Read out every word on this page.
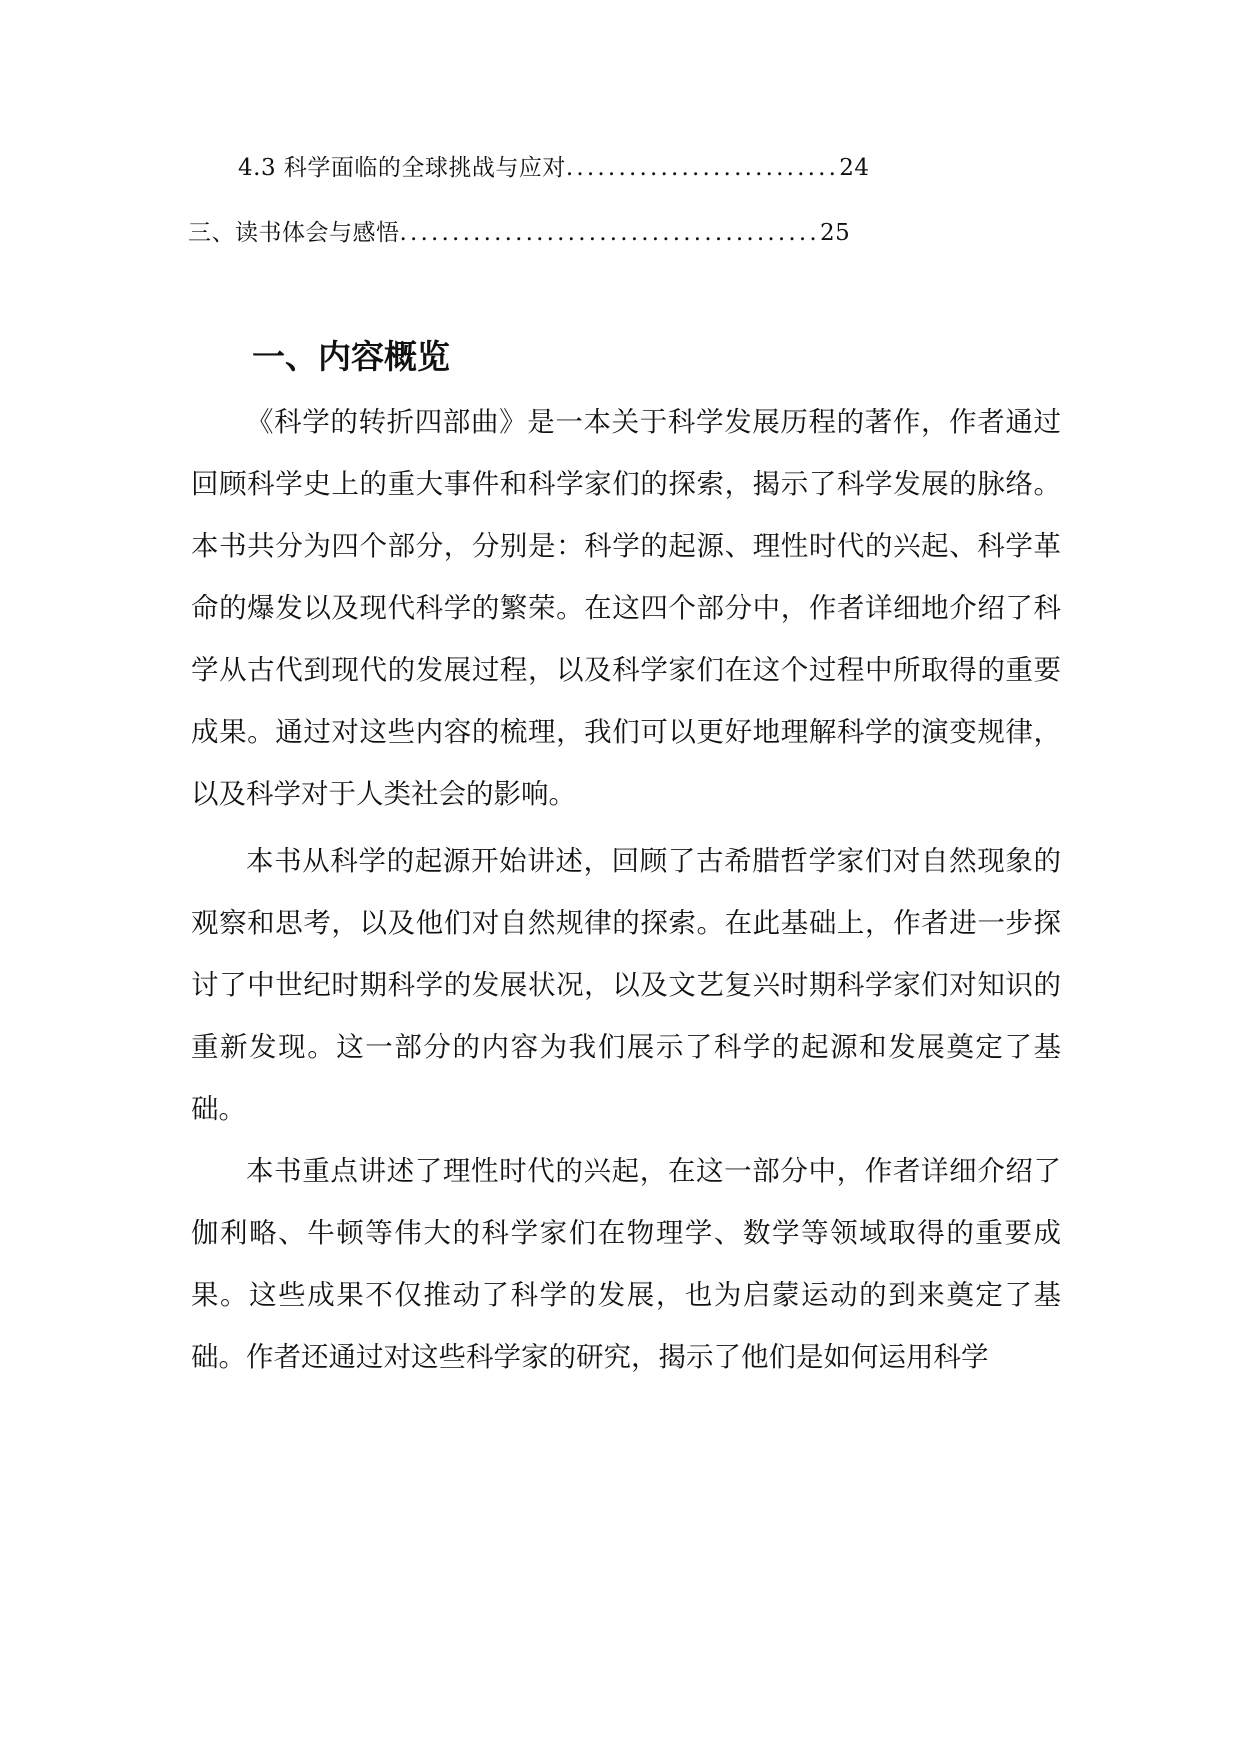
4.3 科学面临的全球挑战与应对..........................24
三、读书体会与感悟........................................25
一、内容概览

《科学的转折四部曲》是一本关于科学发展历程的著作，作者通过回顾科学史上的重大事件和科学家们的探索，揭示了科学发展的脉络。本书共分为四个部分，分别是：科学的起源、理性时代的兴起、科学革命的爆发以及现代科学的繁荣。在这四个部分中，作者详细地介绍了科学从古代到现代的发展过程，以及科学家们在这个过程中所取得的重要成果。通过对这些内容的梳理，我们可以更好地理解科学的演变规律，以及科学对于人类社会的影响。

本书从科学的起源开始讲述，回顾了古希腊哲学家们对自然现象的观察和思考，以及他们对自然规律的探索。在此基础上，作者进一步探讨了中世纪时期科学的发展状况，以及文艺复兴时期科学家们对知识的重新发现。这一部分的内容为我们展示了科学的起源和发展奠定了基础。

本书重点讲述了理性时代的兴起，在这一部分中，作者详细介绍了伽利略、牛顿等伟大的科学家们在物理学、数学等领域取得的重要成果。这些成果不仅推动了科学的发展，也为启蒙运动的到来奠定了基础。作者还通过对这些科学家的研究，揭示了他们是如何运用科学
